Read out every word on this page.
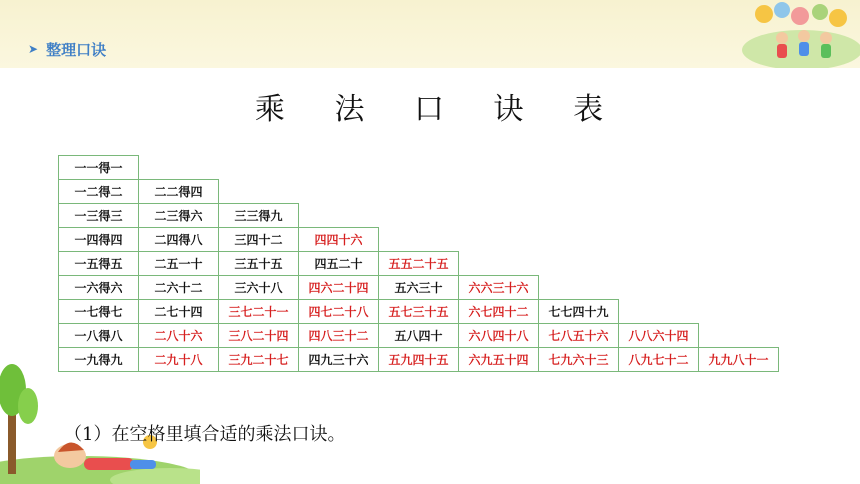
➤ 整理口诀
乘 法 口 诀 表
一一得一								
一二得二	二二得四							
一三得三	二三得六	三三得九						
一四得四	二四得八	三四十二	四四十六					
一五得五	二五一十	三五十五	四五二十	五五二十五				
一六得六	二六十二	三六十八	四六二十四	五六三十	六六三十六			
一七得七	二七十四	三七二十一	四七二十八	五七三十五	六七四十二	七七四十九		
一八得八	二八十六	三八二十四	四八三十二	五八四十	六八四十八	七八五十六	八八六十四	
一九得九	二九十八	三九二十七	四九三十六	五九四十五	六九五十四	七九六十三	八九七十二	九九八十一
（1）在空格里填合适的乘法口诀。
